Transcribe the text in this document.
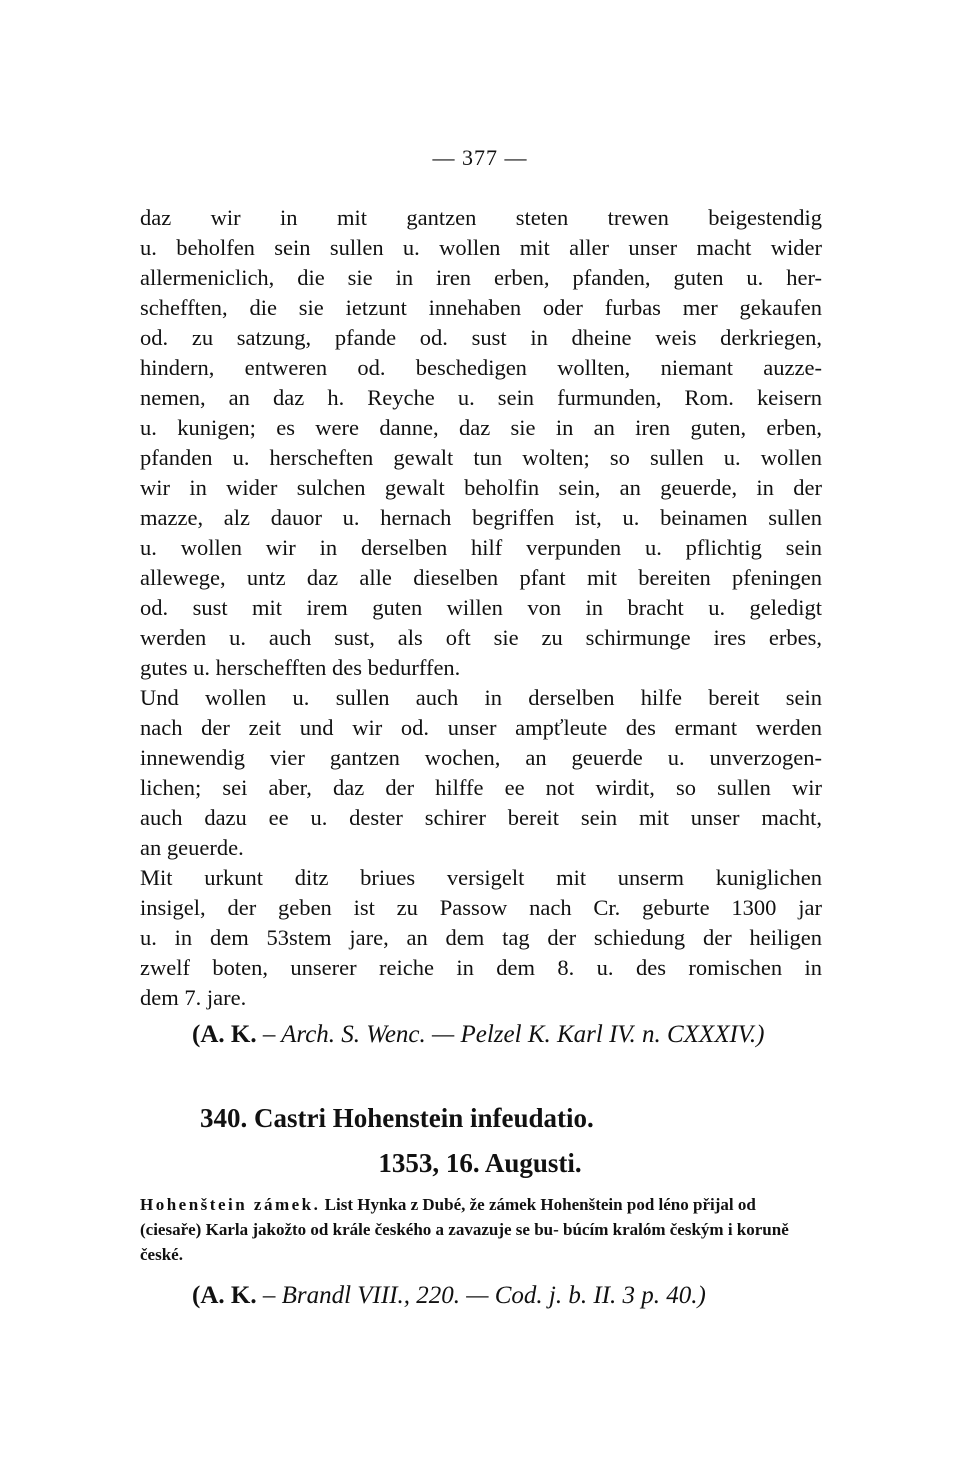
— 377 —
daz wir in mit gantzen steten trewen beigestendig
u. beholfen sein sullen u. wollen mit aller unser macht wider
allermeniclich, die sie in iren erben, pfanden, guten u. her-
schefften, die sie ietzunt innehaben oder furbas mer gekaufen
od. zu satzung, pfande od. sust in dheine weis derkriegen,
hindern, entweren od. beschedigen wollten, niemant auzze-
nemen, an daz h. Reyche u. sein furmunden, Rom. keisern
u. kunigen; es were danne, daz sie in an iren guten, erben,
pfanden u. herscheften gewalt tun wolten; so sullen u. wollen
wir in wider sulchen gewalt beholfin sein, an geuerde, in der
mazze, alz dauor u. hernach begriffen ist, u. beinamen sullen
u. wollen wir in derselben hilf verpunden u. pflichtig sein
allewege, untz daz alle dieselben pfant mit bereiten pfeningen
od. sust mit irem guten willen von in bracht u. geledigt
werden u. auch sust, als oft sie zu schirmunge ires erbes,
gutes u. herschefften des bedurffen.
Und wollen u. sullen auch in derselben hilfe bereit sein
nach der zeit und wir od. unser ampťleute des ermant werden
innewendig vier gantzen wochen, an geuerde u. unverzogen-
lichen; sei aber, daz der hilffe ee not wirdit, so sullen wir
auch dazu ee u. dester schirer bereit sein mit unser macht,
an geuerde.
Mit urkunt ditz briues versigelt mit unserm kuniglichen
insigel, der geben ist zu Passow nach Cr. geburte 1300 jar
u. in dem 53stem jare, an dem tag der schiedung der heiligen
zwelf boten, unserer reiche in dem 8. u. des romischen in
dem 7. jare.
(A. K. – Arch. S. Wenc. — Pelzel K. Karl IV. n. CXXXIV.)
340. Castri Hohenstein infeudatio.
1353, 16. Augusti.
Hohenštein zámek. List Hynka z Dubé, že zámek Hohenštein pod léno přijal od (ciesaře) Karla jakožto od krále českého a zavazuje se bu- búcím kralóm českým i koruně české.
(A. K. – Brandl VIII., 220. — Cod. j. b. II. 3 p. 40.)
